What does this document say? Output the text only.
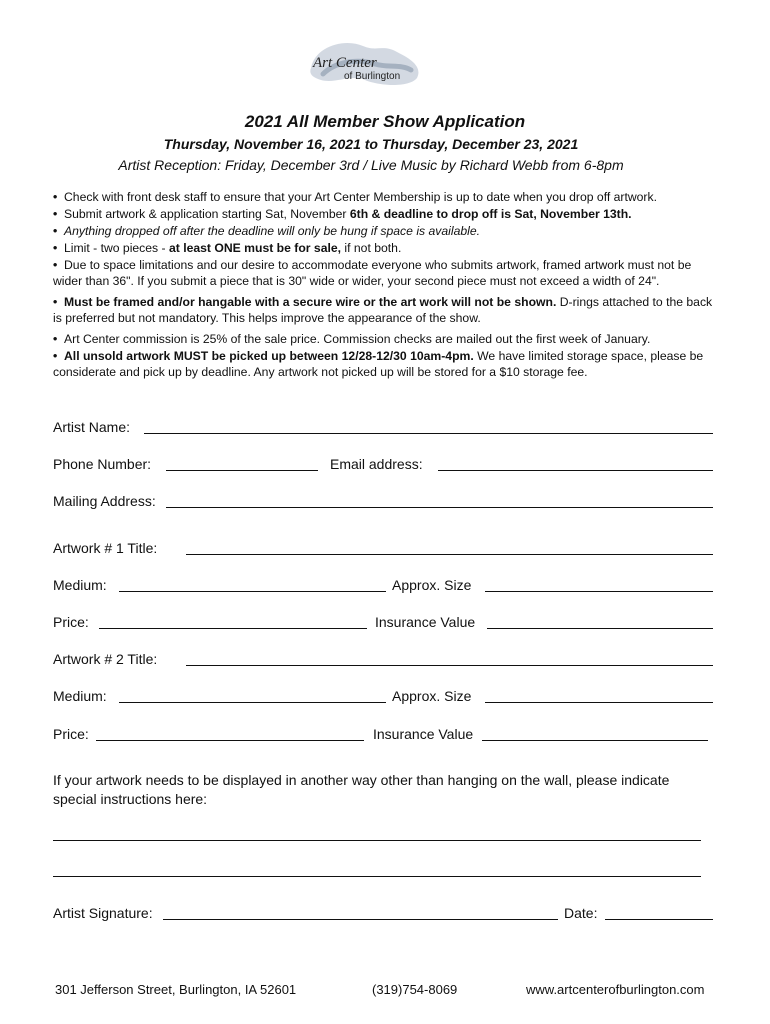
Art Center
of Burlington
2021 All Member Show Application
Thursday, November 16, 2021 to Thursday, December 23, 2021
Artist Reception: Friday, December 3rd / Live Music by Richard Webb from 6-8pm

• Check with front desk staff to ensure that your Art Center Membership is up to date when you drop off artwork.

• Submit artwork & application starting Sat, November 6th & deadline to drop off is Sat, November 13th.

• Anything dropped off after the deadline will only be hung if space is available.

• Limit - two pieces - at least ONE must be for sale, if not both.

• Due to space limitations and our desire to accommodate everyone who submits artwork, framed artwork must not be wider than 36". If you submit a piece that is 30" wide or wider, your second piece must not exceed a width of 24".

• Must be framed and/or hangable with a secure wire or the art work will not be shown. D-rings attached to the back is preferred but not mandatory. This helps improve the appearance of the show.

• Art Center commission is 25% of the sale price. Commission checks are mailed out the first week of January.

• All unsold artwork MUST be picked up between 12/28-12/30 10am-4pm. We have limited storage space, please be considerate and pick up by deadline. Any artwork not picked up will be stored for a $10 storage fee.

Artist Name:
Phone Number:	Email address:
Mailing Address:
Artwork # 1 Title:
Medium:	Approx. Size
Price:	Insurance Value
Artwork # 2 Title:
Medium:	Approx. Size
Price:	Insurance Value
If your artwork needs to be displayed in another way other than hanging on the wall, please indicate special instructions here:
Artist Signature:	Date:
301 Jefferson Street, Burlington, IA 52601	(319)754-8069	www.artcenterofburlington.com
